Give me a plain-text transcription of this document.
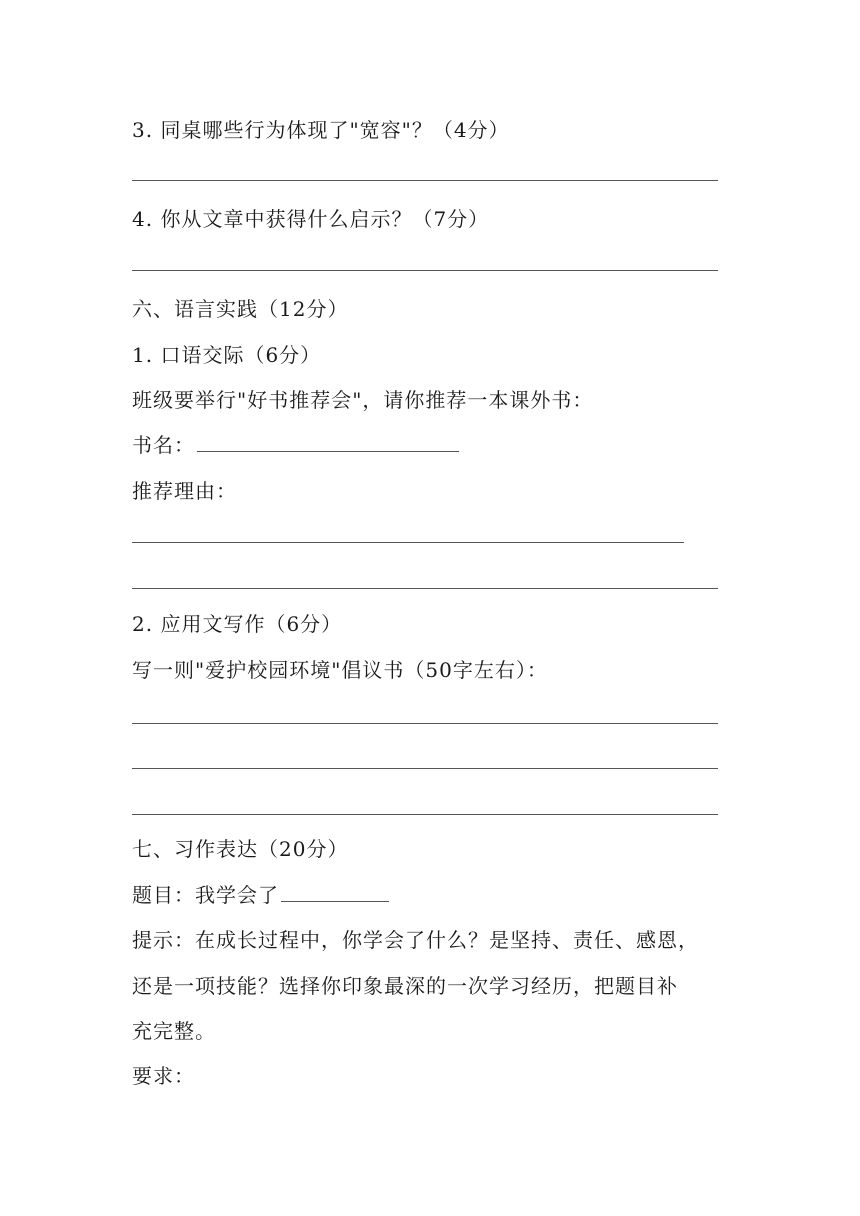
3. 同桌哪些行为体现了"宽容"？（4分）
4. 你从文章中获得什么启示？（7分）
六、语言实践（12分）
1. 口语交际（6分）
班级要举行"好书推荐会"，请你推荐一本课外书：
书名：
推荐理由：
2. 应用文写作（6分）
写一则"爱护校园环境"倡议书（50字左右）：
七、习作表达（20分）
题目：我学会了
提示：在成长过程中，你学会了什么？是坚持、责任、感恩，
还是一项技能？选择你印象最深的一次学习经历，把题目补
充完整。
要求：
